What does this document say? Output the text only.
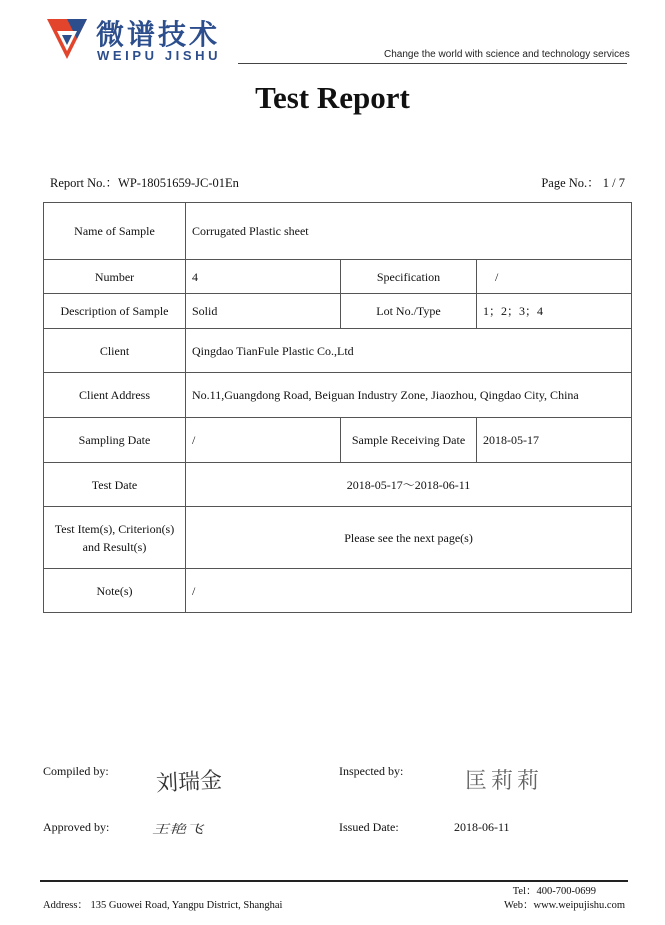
微谱技术
WEIPU JISHU	Change the world with science and technology services
Test Report
Report No.：WP-18051659-JC-01En	Page No.： 1 / 7
Name of Sample	Corrugated Plastic sheet		
Number	4	Specification	/
Description of Sample	Solid	Lot No./Type	1；2；3；4
Client	Qingdao TianFule Plastic Co.,Ltd		
Client Address	No.11,Guangdong Road, Beiguan Industry Zone, Jiaozhou, Qingdao City, China		
Sampling Date	/	Sample Receiving Date	2018-05-17
Test Date	2018-05-17～2018-06-11		
Test Item(s), Criterion(s)
and Result(s)	Please see the next page(s)		
Note(s)	/		
Compiled by: 刘瑞金	Inspected by:	匡莉莉
Approved by:	王艳飞	Issued Date:	2018-06-11
Tel：400-700-0699
Address： 135 Guowei Road, Yangpu District, Shanghai	Web：www.weipujishu.com
